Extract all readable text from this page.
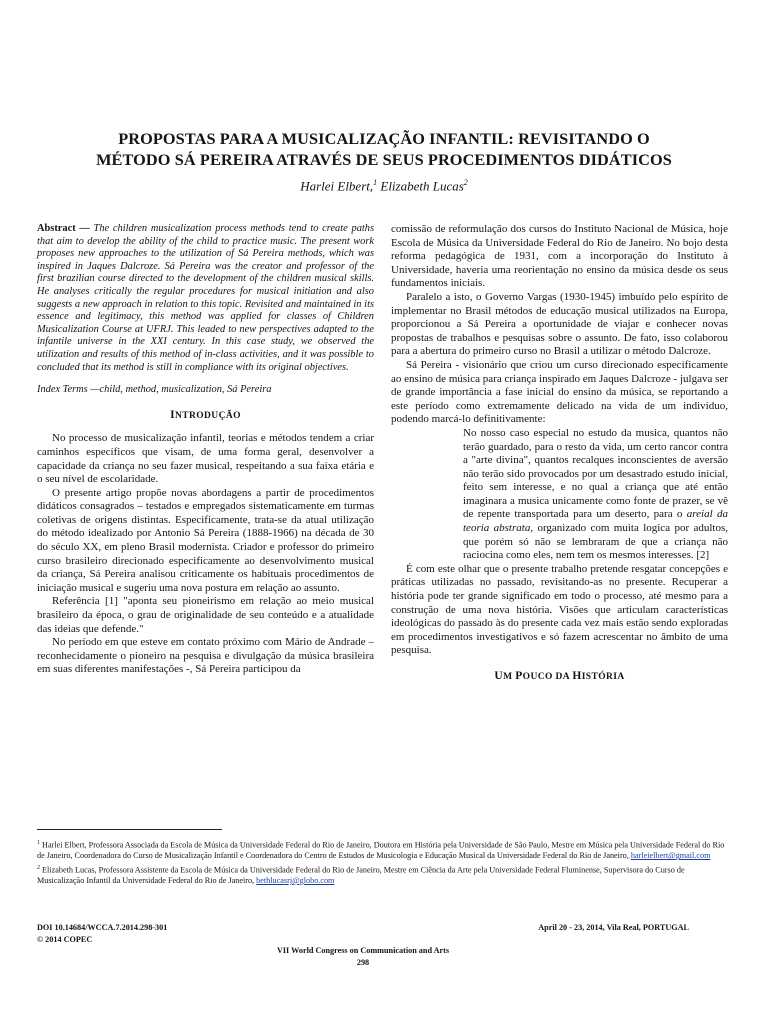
PROPOSTAS PARA A MUSICALIZAÇÃO INFANTIL: REVISITANDO O
MÉTODO SÁ PEREIRA ATRAVÉS DE SEUS PROCEDIMENTOS DIDÁTICOS
Harlei Elbert,$^1$ Elizabeth Lucas$^2$

Abstract — The children musicalization process methods tend to create paths that aim to develop the ability of the child to practice music. The present work proposes new approaches to the utilization of Sá Pereira methods, which was inspired in Jaques Dalcroze. Sá Pereira was the creator and professor of the first brazilian course directed to the development of the children musical skills. He analyses critically the regular procedures for musical initiation and also suggests a new approach in relation to this topic. Revisited and maintained in its essence and legitimacy, this method was applied for classes of Children Musicalization Course at UFRJ. This leaded to new perspectives adapted to the infantile universe in the XXI century. In this case study, we observed the utilization and results of this method of in-class activities, and it was possible to concluded that its method is still in compliance with its original objectives.

Index Terms —child, method, musicalization, Sá Pereira

INTRODUÇÃO

No processo de musicalização infantil, teorias e métodos tendem a criar caminhos específicos que visam, de uma forma geral, desenvolver a capacidade da criança no seu fazer musical, respeitando a sua faixa etária e o seu nível de escolaridade.

O presente artigo propõe novas abordagens a partir de procedimentos didáticos consagrados – testados e empregados sistematicamente em turmas coletivas de origens distintas. Especificamente, trata-se da atual utilização do método idealizado por Antonio Sá Pereira (1888-1966) na década de 30 do século XX, em pleno Brasil modernista. Criador e professor do primeiro curso brasileiro direcionado especificamente ao desenvolvimento musical da criança, Sá Pereira analisou criticamente os habituais procedimentos de iniciação musical e sugeriu uma nova postura em relação ao assunto.

Referência [1] "aponta seu pioneirismo em relação ao meio musical brasileiro da época, o grau de originalidade de seu conteúdo e a atualidade das ideias que defende."

No período em que esteve em contato próximo com Mário de Andrade – reconhecidamente o pioneiro na pesquisa e divulgação da música brasileira em suas diferentes manifestações -, Sá Pereira participou da

comissão de reformulação dos cursos do Instituto Nacional de Música, hoje Escola de Música da Universidade Federal do Rio de Janeiro. No bojo desta reforma pedagógica de 1931, com a incorporação do Instituto à Universidade, haveria uma reorientação no ensino da música desde os seus fundamentos iniciais.

Paralelo a isto, o Governo Vargas (1930-1945) imbuído pelo espírito de implementar no Brasil métodos de educação musical utilizados na Europa, proporcionou a Sá Pereira a oportunidade de viajar e conhecer novas propostas de trabalhos e pesquisas sobre o assunto. De fato, isso colaborou para a abertura do primeiro curso no Brasil a utilizar o método Dalcroze.

Sá Pereira - visionário que criou um curso direcionado especificamente ao ensino de música para criança inspirado em Jaques Dalcroze - julgava ser de grande importância a fase inicial do ensino da música, se reportando a este período como extremamente delicado na vida de um indivíduo, podendo marcá-lo definitivamente:

No nosso caso especial no estudo da musica, quantos não terão guardado, para o resto da vida, um certo rancor contra a "arte divina", quantos recalques inconscientes de aversão não terão sido provocados por um desastrado estudo inicial, feito sem interesse, e no qual a criança que até então imaginara a musica unicamente como fonte de prazer, se vê de repente transportada para um deserto, para o areial da teoria abstrata, organizado com muita logica por adultos, que porém só não se lembraram de que a criança não raciocina como eles, nem tem os mesmos interesses. [2]

É com este olhar que o presente trabalho pretende resgatar concepções e práticas utilizadas no passado, revisitando-as no presente. Recuperar a história pode ter grande significado em todo o processo, até mesmo para a construção de uma nova história. Visões que articulam características ideológicas do passado às do presente cada vez mais estão sendo exploradas em procedimentos investigativos e só fazem acrescentar no âmbito de uma pesquisa.

UM POUCO DA HISTÓRIA

$^1$ Harlei Elbert, Professora Associada da Escola de Música da Universidade Federal do Rio de Janeiro, Doutora em História pela Universidade de São Paulo, Mestre em Música pela Universidade Federal do Rio de Janeiro, Coordenadora do Curso de Musicalização Infantil e Coordenadora do Centro de Estudos de Musicologia e Educação Musical da Universidade Federal do Rio de Janeiro, harleielbert@gmail.com

$^2$ Elizabeth Lucas, Professora Assistente da Escola de Música da Universidade Federal do Rio de Janeiro, Mestre em Ciência da Arte pela Universidade Federal Fluminense, Supervisora do Curso de Musicalização Infantil da Universidade Federal do Rio de Janeiro, bethlucasrj@globo.com

DOI 10.14684/WCCA.7.2014.298-301
© 2014 COPEC
April 20 - 23, 2014, Vila Real, PORTUGAL
VII World Congress on Communication and Arts
298
